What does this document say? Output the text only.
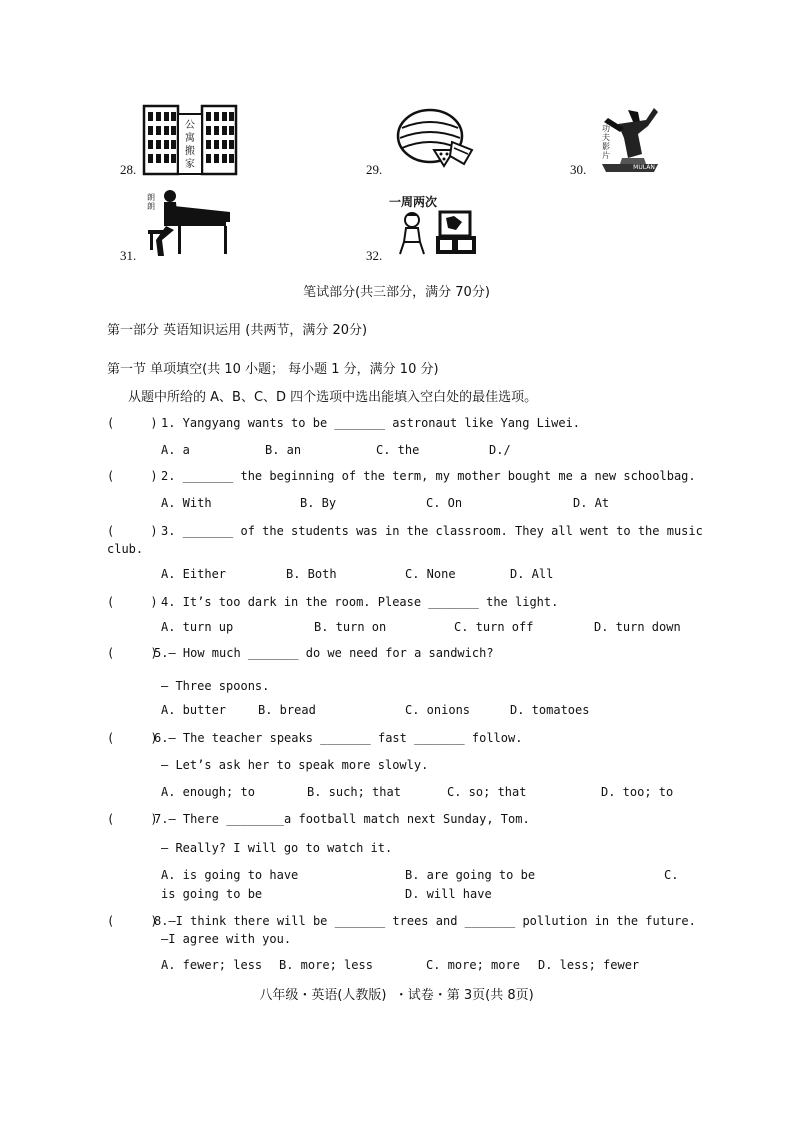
28.
公
寓
搬
家	29.	30.	MULAN
功夫影片
31.
朗朗
32.
一周两次
笔试部分(共三部分，满分 70分)
第一部分 英语知识运用 (共两节，满分 20分)
第一节 单项填空(共 10 小题； 每小题 1 分，满分 10 分)
从题中所给的 A、B、C、D 四个选项中选出能填入空白处的最佳选项。
(     ) 1. Yangyang wants to be _______ astronaut like Yang Liwei.
A. a	B. an	C. the	D./
(     ) 2. _______ the beginning of the term, my mother bought me a new schoolbag.
A. With	B. By	C. On	D. At
(     ) 3. _______ of the students was in the classroom. They all went to the music
club.
A. Either	B. Both	C. None	D. All
(     ) 4. It’s too dark in the room. Please _______ the light.
A. turn up	B. turn on	C. turn off	D. turn down
(     )
5.— How much _______ do we need for a sandwich?
— Three spoons.
A. butter	B. bread	C. onions	D. tomatoes
(     )
6.— The teacher speaks _______ fast _______ follow.
— Let’s ask her to speak more slowly.
A. enough; to	B. such; that	C. so; that	D. too; to
(     )
7.— There ________a football match next Sunday, Tom.
— Really? I will go to watch it.
A. is going to have	B. are going to be	C.
is going to be	D. will have
(     )
8.—I think there will be _______ trees and _______ pollution in the future.
—I agree with you.
A. fewer; less B. more; less	C. more; more D. less; fewer
八年级・英语(人教版)  ・试卷・第 3页(共 8页)
